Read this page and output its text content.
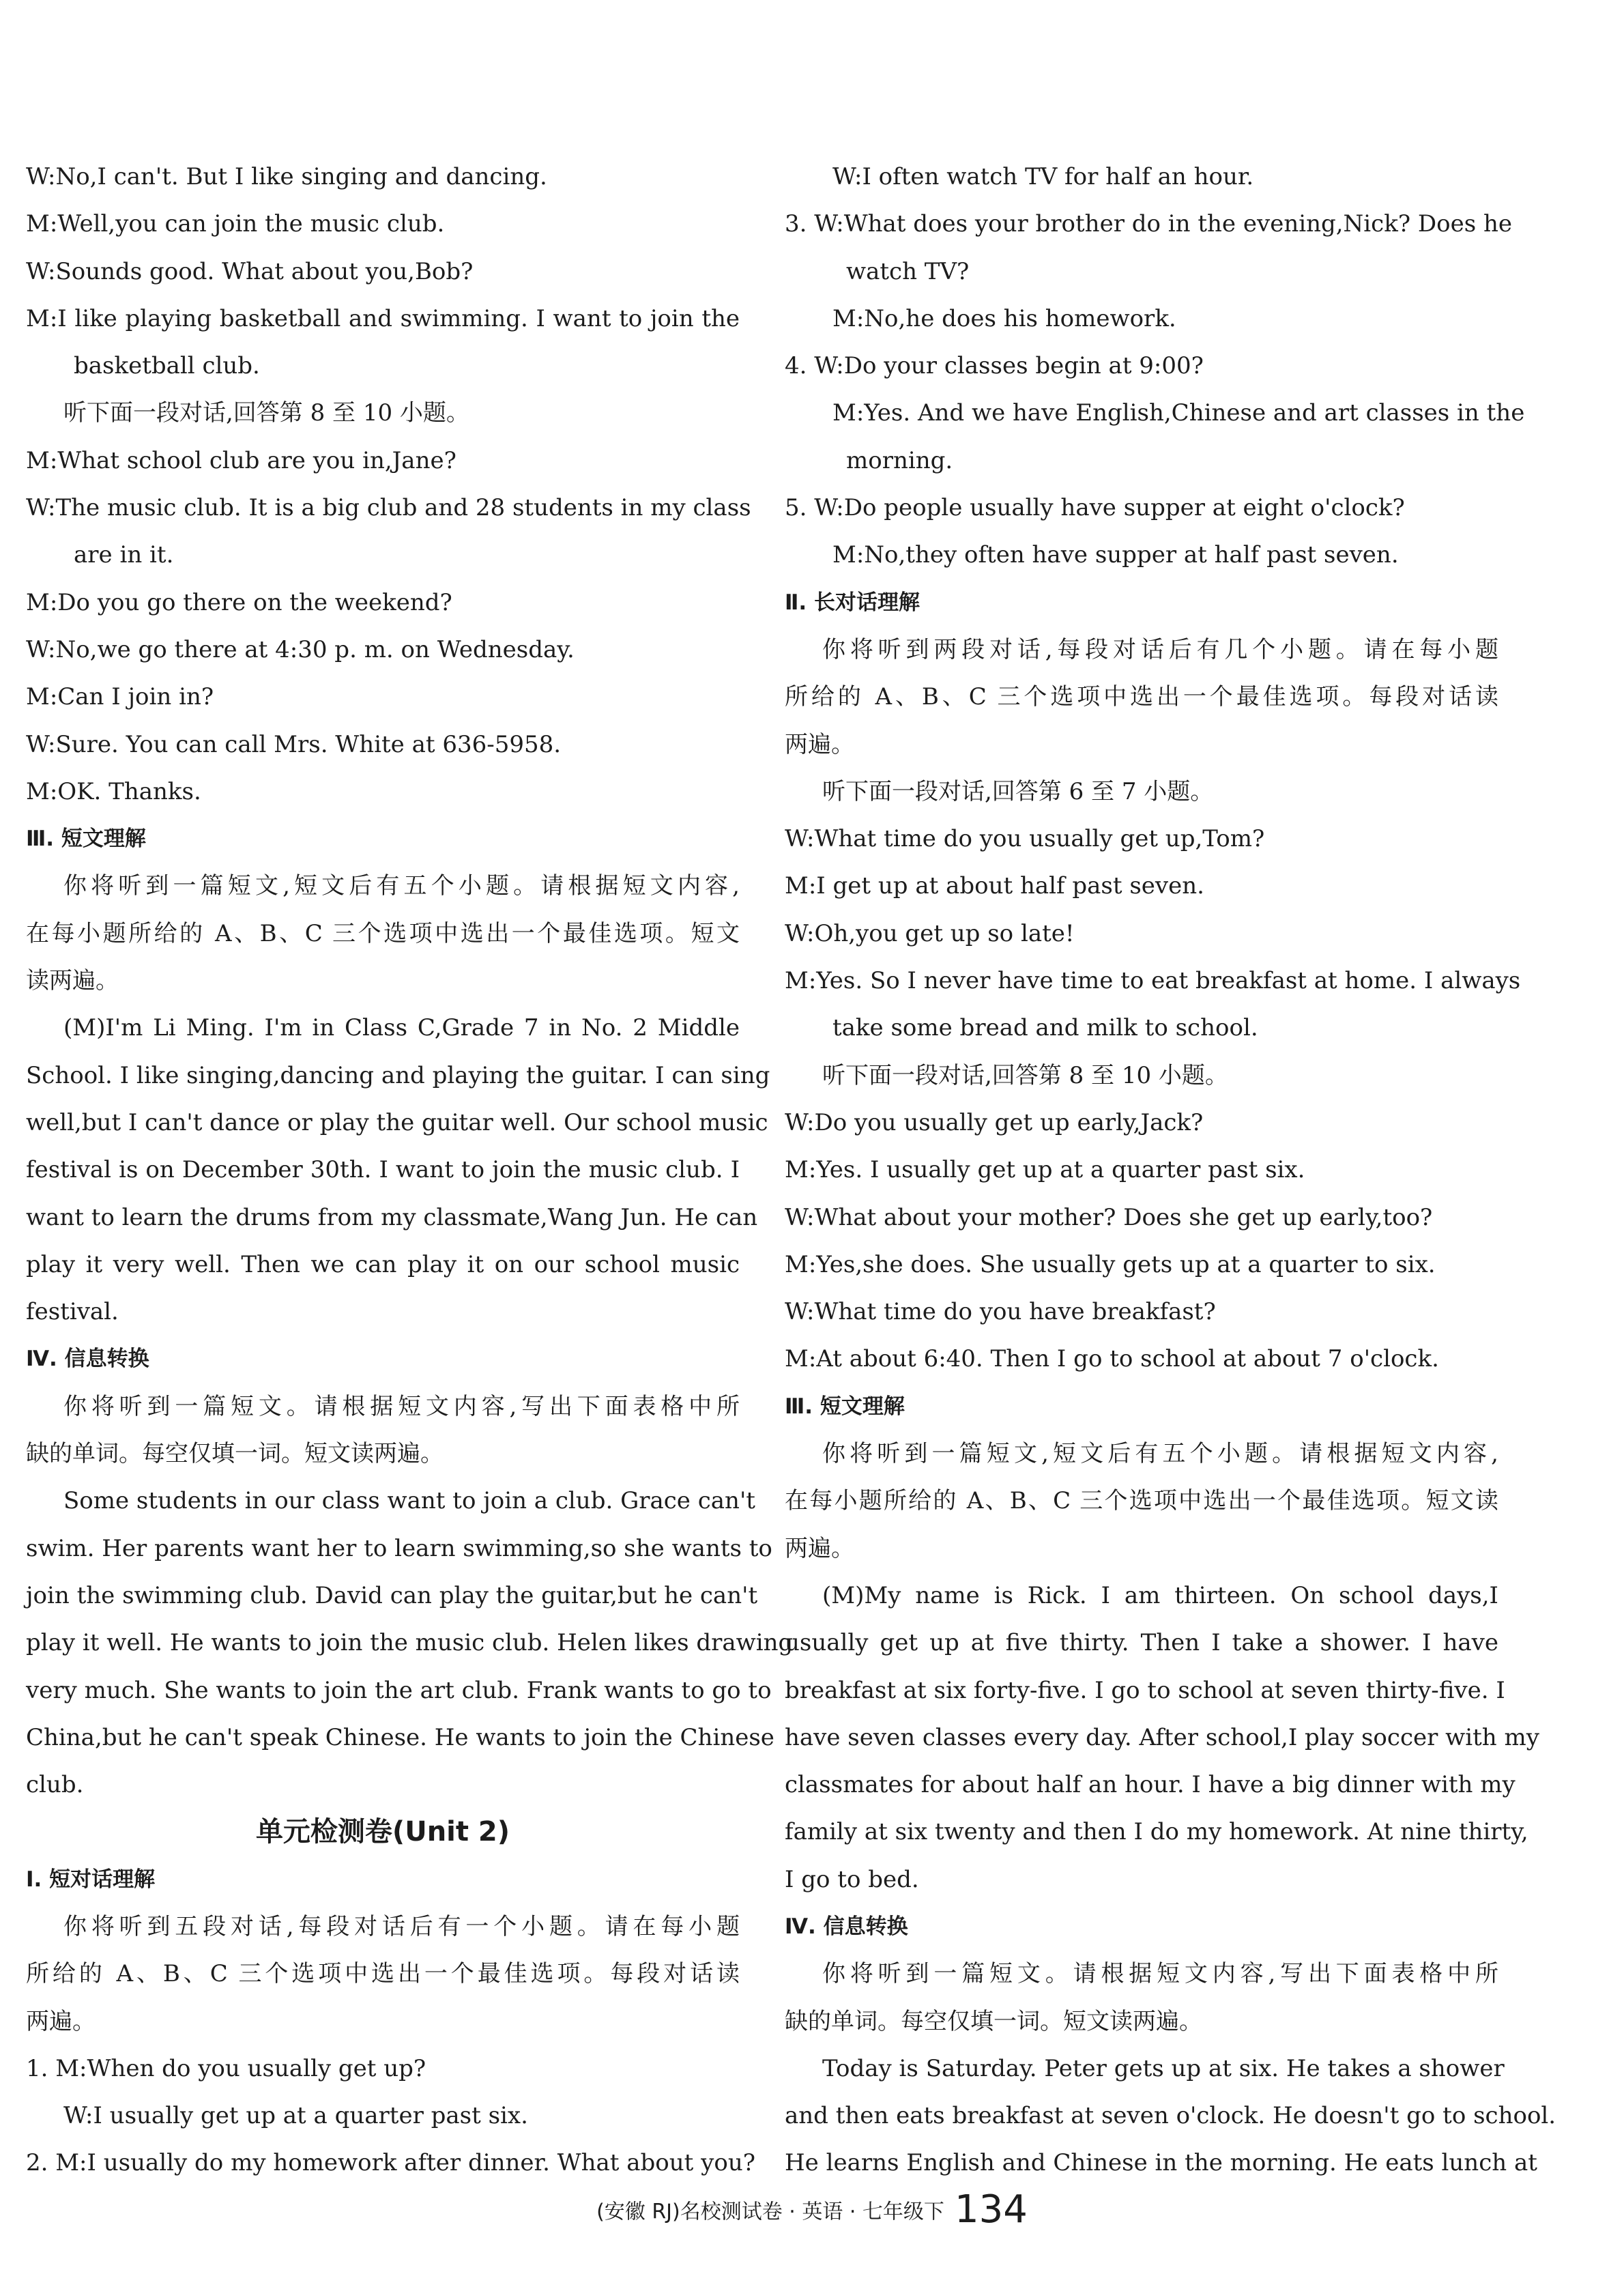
W:No,I can't. But I like singing and dancing.
M:Well,you can join the music club.
W:Sounds good. What about you,Bob?
M:I like playing basketball and swimming. I want to join the
basketball club.
听下面一段对话,回答第 8 至 10 小题。
M:What school club are you in,Jane?
W:The music club. It is a big club and 28 students in my class
are in it.
M:Do you go there on the weekend?
W:No,we go there at 4:30 p. m. on Wednesday.
M:Can I join in?
W:Sure. You can call Mrs. White at 636-5958.
M:OK. Thanks.
Ⅲ. 短文理解
你将听到一篇短文,短文后有五个小题。请根据短文内容,
在每小题所给的 A、B、C 三个选项中选出一个最佳选项。短文
读两遍。
(M)I'm Li Ming. I'm in Class C,Grade 7 in No. 2 Middle
School. I like singing,dancing and playing the guitar. I can sing
well,but I can't dance or play the guitar well. Our school music
festival is on December 30th. I want to join the music club. I
want to learn the drums from my classmate,Wang Jun. He can
play it very well. Then we can play it on our school music
festival.
Ⅳ. 信息转换
你将听到一篇短文。请根据短文内容,写出下面表格中所
缺的单词。每空仅填一词。短文读两遍。
Some students in our class want to join a club. Grace can't
swim. Her parents want her to learn swimming,so she wants to
join the swimming club. David can play the guitar,but he can't
play it well. He wants to join the music club. Helen likes drawing
very much. She wants to join the art club. Frank wants to go to
China,but he can't speak Chinese. He wants to join the Chinese
club.
单元检测卷(Unit 2)
Ⅰ. 短对话理解
你将听到五段对话,每段对话后有一个小题。请在每小题
所给的 A、B、C 三个选项中选出一个最佳选项。每段对话读
两遍。
1. M:When do you usually get up?
W:I usually get up at a quarter past six.
2. M:I usually do my homework after dinner. What about you?
W:I often watch TV for half an hour.
3. W:What does your brother do in the evening,Nick? Does he
watch TV?
M:No,he does his homework.
4. W:Do your classes begin at 9:00?
M:Yes. And we have English,Chinese and art classes in the
morning.
5. W:Do people usually have supper at eight o'clock?
M:No,they often have supper at half past seven.
Ⅱ. 长对话理解
你将听到两段对话,每段对话后有几个小题。请在每小题
所给的 A、B、C 三个选项中选出一个最佳选项。每段对话读
两遍。
听下面一段对话,回答第 6 至 7 小题。
W:What time do you usually get up,Tom?
M:I get up at about half past seven.
W:Oh,you get up so late!
M:Yes. So I never have time to eat breakfast at home. I always
take some bread and milk to school.
听下面一段对话,回答第 8 至 10 小题。
W:Do you usually get up early,Jack?
M:Yes. I usually get up at a quarter past six.
W:What about your mother? Does she get up early,too?
M:Yes,she does. She usually gets up at a quarter to six.
W:What time do you have breakfast?
M:At about 6:40. Then I go to school at about 7 o'clock.
Ⅲ. 短文理解
你将听到一篇短文,短文后有五个小题。请根据短文内容,
在每小题所给的 A、B、C 三个选项中选出一个最佳选项。短文读
两遍。
(M)My name is Rick. I am thirteen. On school days,I
usually get up at five thirty. Then I take a shower. I have
breakfast at six forty-five. I go to school at seven thirty-five. I
have seven classes every day. After school,I play soccer with my
classmates for about half an hour. I have a big dinner with my
family at six twenty and then I do my homework. At nine thirty,
I go to bed.
Ⅳ. 信息转换
你将听到一篇短文。请根据短文内容,写出下面表格中所
缺的单词。每空仅填一词。短文读两遍。
Today is Saturday. Peter gets up at six. He takes a shower
and then eats breakfast at seven o'clock. He doesn't go to school.
He learns English and Chinese in the morning. He eats lunch at
(安徽 RJ)名校测试卷 · 英语 · 七年级下 134
